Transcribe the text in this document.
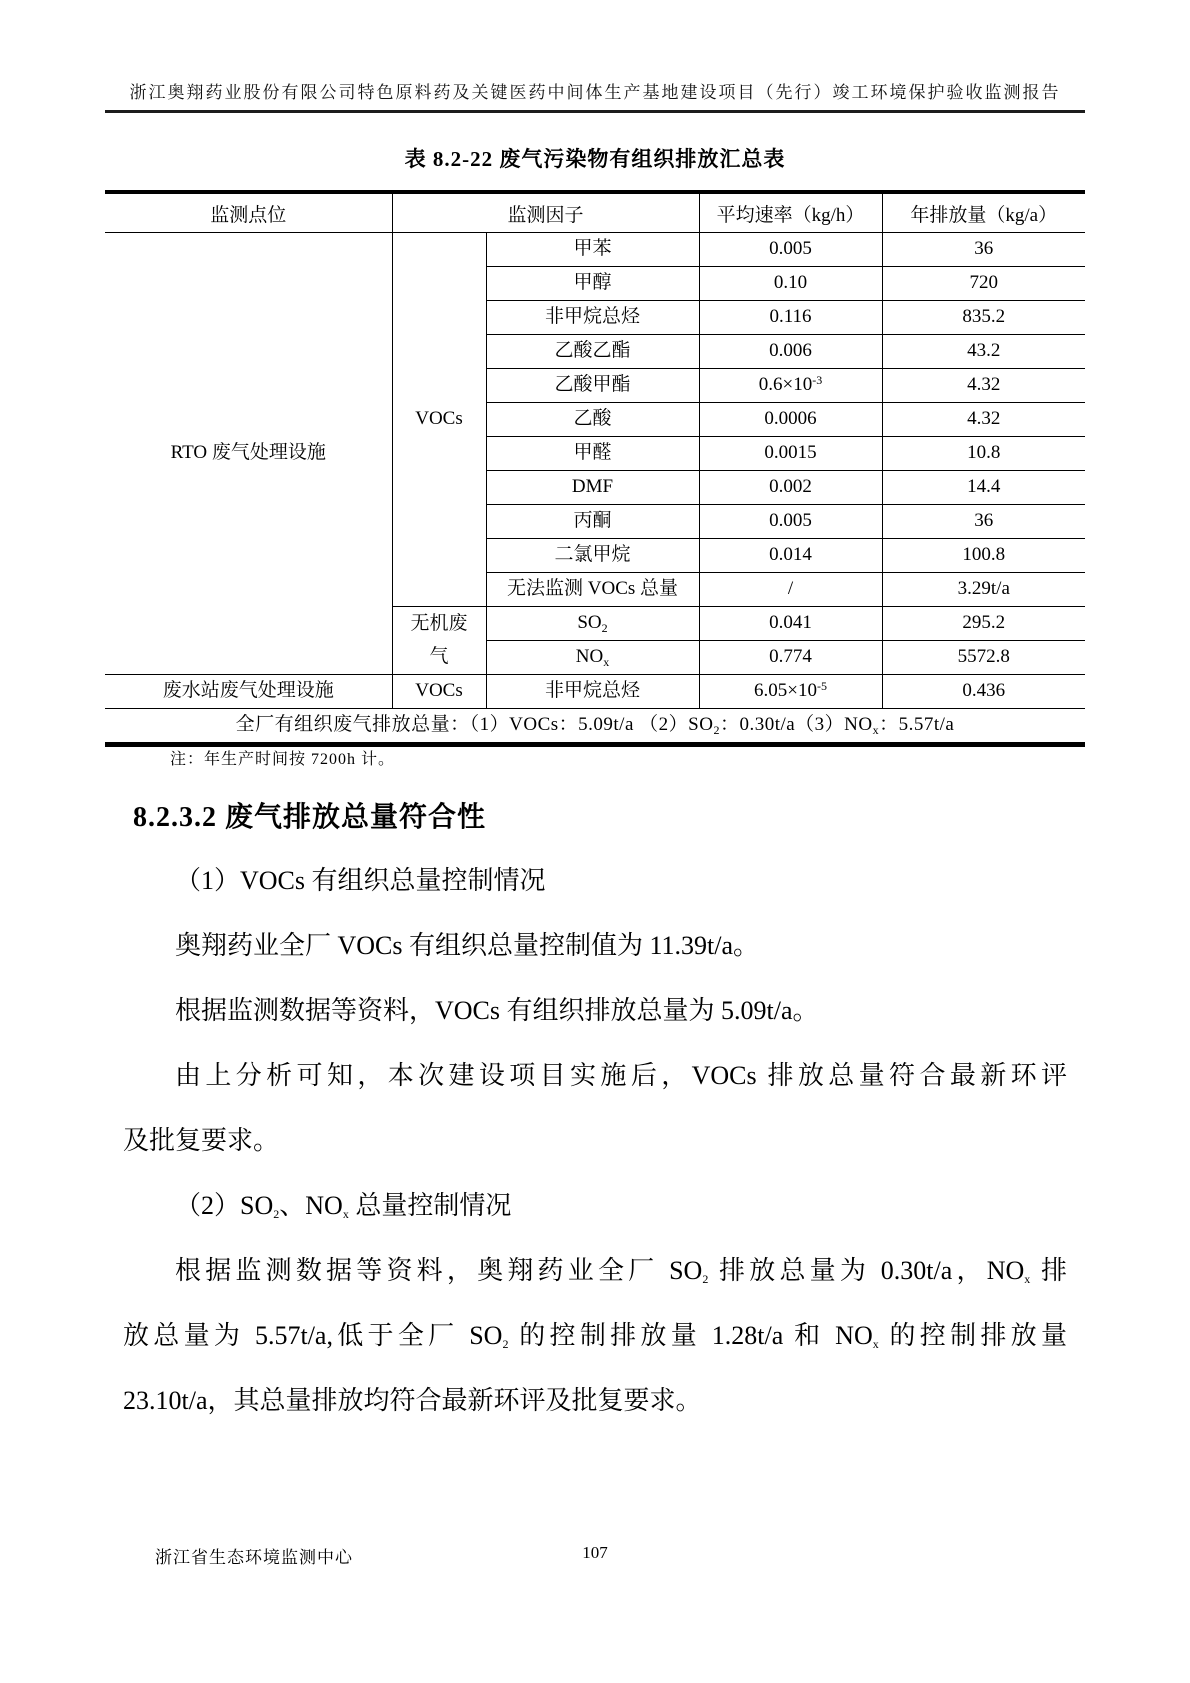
浙江奥翔药业股份有限公司特色原料药及关键医药中间体生产基地建设项目（先行）竣工环境保护验收监测报告
表 8.2-22 废气污染物有组织排放汇总表
监测点位	监测因子		平均速率（kg/h）	年排放量（kg/a）
RTO 废气处理设施	VOCs	甲苯	0.005	36
		甲醇	0.10	720
		非甲烷总烃	0.116	835.2
		乙酸乙酯	0.006	43.2
		乙酸甲酯	$0.6\times 10^{-3}$	4.32
		乙酸	0.0006	4.32
		甲醛	0.0015	10.8
		DMF	0.002	14.4
		丙酮	0.005	36
		二氯甲烷	0.014	100.8
		无法监测 VOCs 总量	/	3.29t/a
	无机废气	$SO_2$	0.041	295.2
		$NO_x$	0.774	5572.8
废水站废气处理设施	VOCs	非甲烷总烃	$6.05\times 10^{-5}$	0.436
全厂有组织废气排放总量：（1）VOCs：5.09t/a $(2)SO_2$：$0.30t/a(3)NO_x$：5.57t/a				
注：年生产时间按 7200h 计。
8.2.3.2 废气排放总量符合性
（1）VOCs 有组织总量控制情况
奥翔药业全厂 VOCs 有组织总量控制值为 11.39t/a。
根据监测数据等资料，VOCs 有组织排放总量为 5.09t/a。
由上分析可知，本次建设项目实施后，VOCs 排放总量符合最新环评
及批复要求。
$(2)SO_2$、$NO_x$ 总量控制情况
根据监测数据等资料，奥翔药业全厂 $SO_2$ 排放总量为 0.30t/a，$NO_x$ 排
放总量为 5.57t/a,低于全厂 $SO_2$ 的控制排放量 1.28t/a 和 $NO_x$ 的控制排放量
23.10t/a，其总量排放均符合最新环评及批复要求。
107
浙江省生态环境监测中心
